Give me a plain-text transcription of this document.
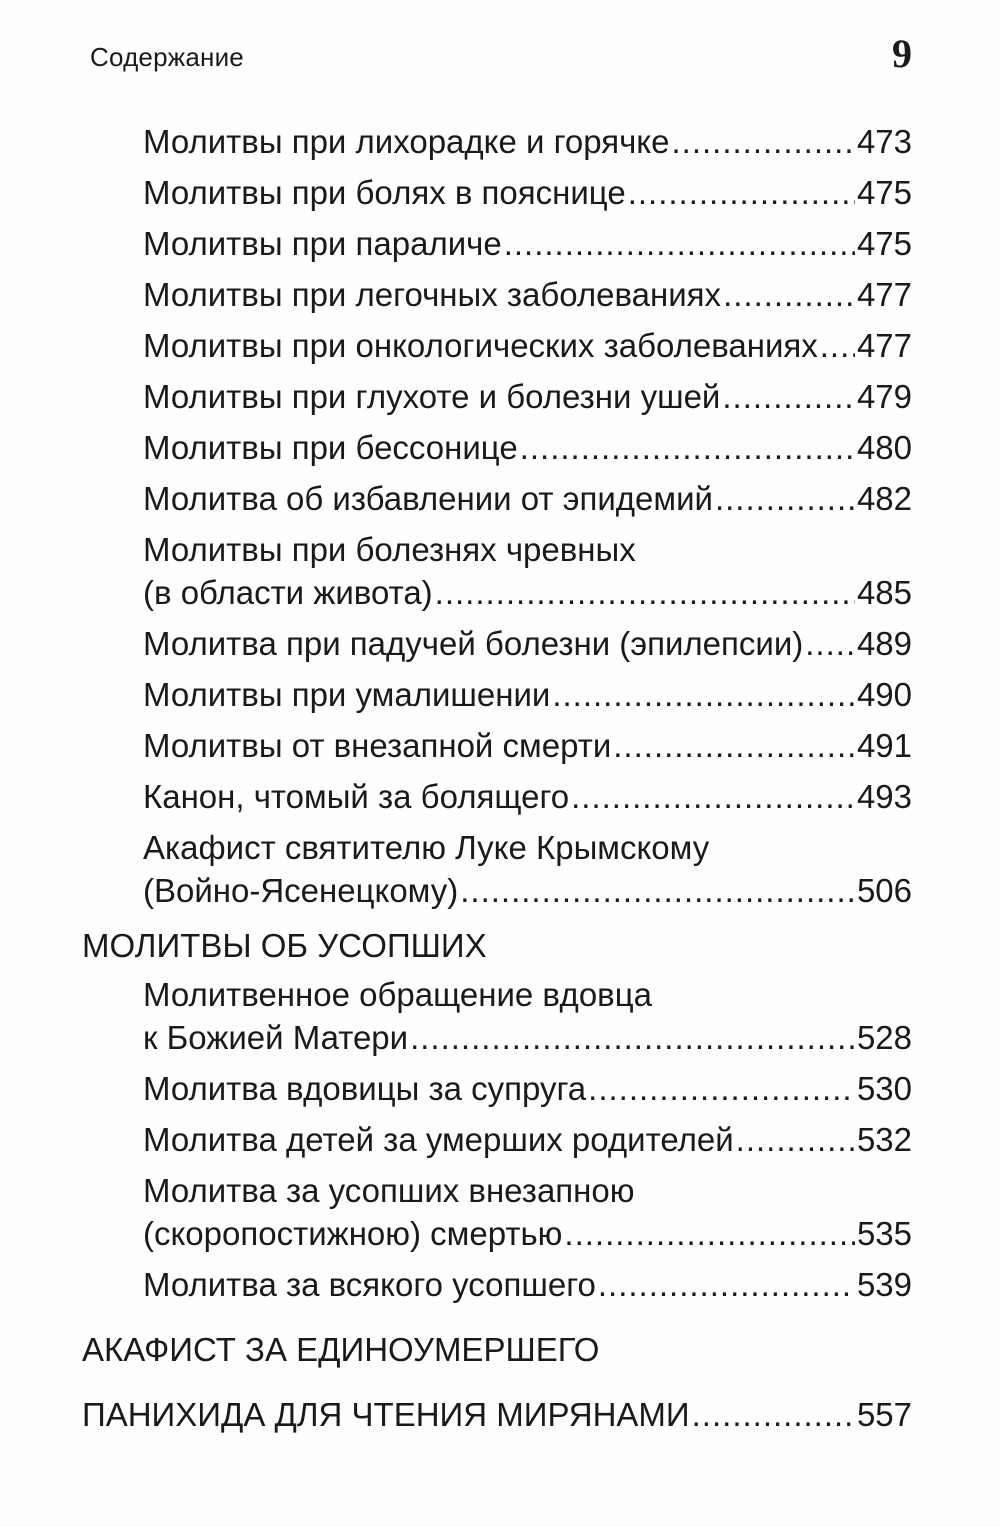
Содержание	9
Молитвы при лихорадке и горячке .....	473
Молитвы при болях в пояснице .....	475
Молитвы при параличе .....	475
Молитвы при легочных заболеваниях .....	477
Молитвы при онкологических заболеваниях ..... 477
Молитвы при глухоте и болезни ушей .....	479
Молитвы при бессонице .....	480
Молитва об избавлении от эпидемий .....	482
Молитвы при болезнях чревных
(в области живота) .....	485
Молитва при падучей болезни (эпилепсии) ..... 489
Молитвы при умалишении .....	490
Молитвы от внезапной смерти .....	491
Канон, чтомый за болящего .....	493
Акафист святителю Луке Крымскому
(Войно-Ясенецкому) .....	506
МОЛИТВЫ ОБ УСОПШИХ
Молитвенное обращение вдовца
к Божией Матери .....	528
Молитва вдовицы за супруга .....	530
Молитва детей за умерших родителей .....	532
Молитва за усопших внезапною
(скоропостижною) смертью .....	535
Молитва за всякого усопшего .....	539
АКАФИСТ ЗА ЕДИНОУМЕРШЕГО
ПАНИХИДА ДЛЯ ЧТЕНИЯ МИРЯНАМИ .....	557
